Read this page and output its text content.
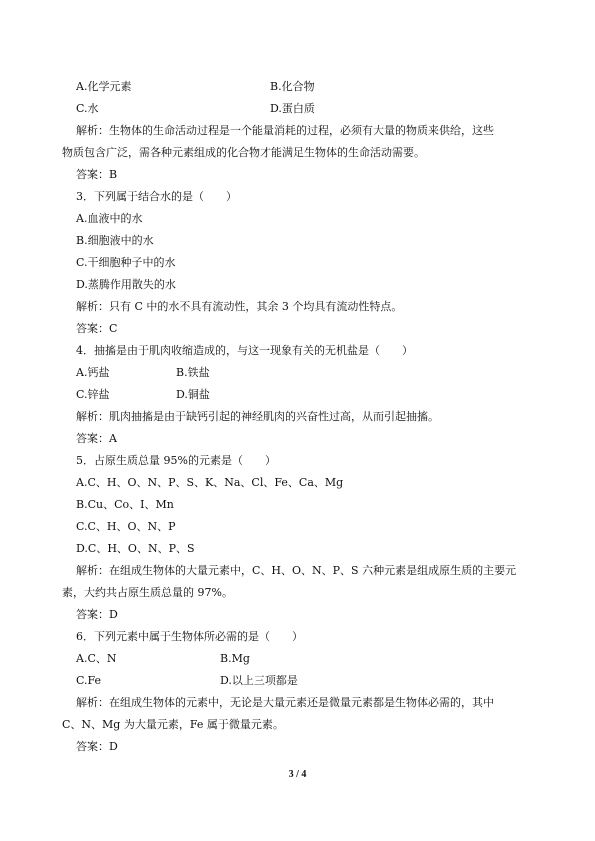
A.化学元素	B.化合物
C.水	D.蛋白质
解析：生物体的生命活动过程是一个能量消耗的过程，必须有大量的物质来供给，这些
物质包含广泛，需各种元素组成的化合物才能满足生物体的生命活动需要。
答案：B
3．下列属于结合水的是（　　）
A.血液中的水
B.细胞液中的水
C.干细胞种子中的水
D.蒸腾作用散失的水
解析：只有 C 中的水不具有流动性，其余 3 个均具有流动性特点。
答案：C
4．抽搐是由于肌肉收缩造成的，与这一现象有关的无机盐是（　　）
A.钙盐	B.铁盐
C.锌盐	D.铜盐
解析：肌肉抽搐是由于缺钙引起的神经肌肉的兴奋性过高，从而引起抽搐。
答案：A
5．占原生质总量 95%的元素是（　　）
A.C、H、O、N、P、S、K、Na、Cl、Fe、Ca、Mg
B.Cu、Co、I、Mn
C.C、H、O、N、P
D.C、H、O、N、P、S
解析：在组成生物体的大量元素中，C、H、O、N、P、S 六种元素是组成原生质的主要元
素，大约共占原生质总量的 97%。
答案：D
6．下列元素中属于生物体所必需的是（　　）
A.C、N	B.Mg
C.Fe	D.以上三项都是
解析：在组成生物体的元素中，无论是大量元素还是微量元素都是生物体必需的，其中
C、N、Mg 为大量元素，Fe 属于微量元素。
答案：D
3 / 4
